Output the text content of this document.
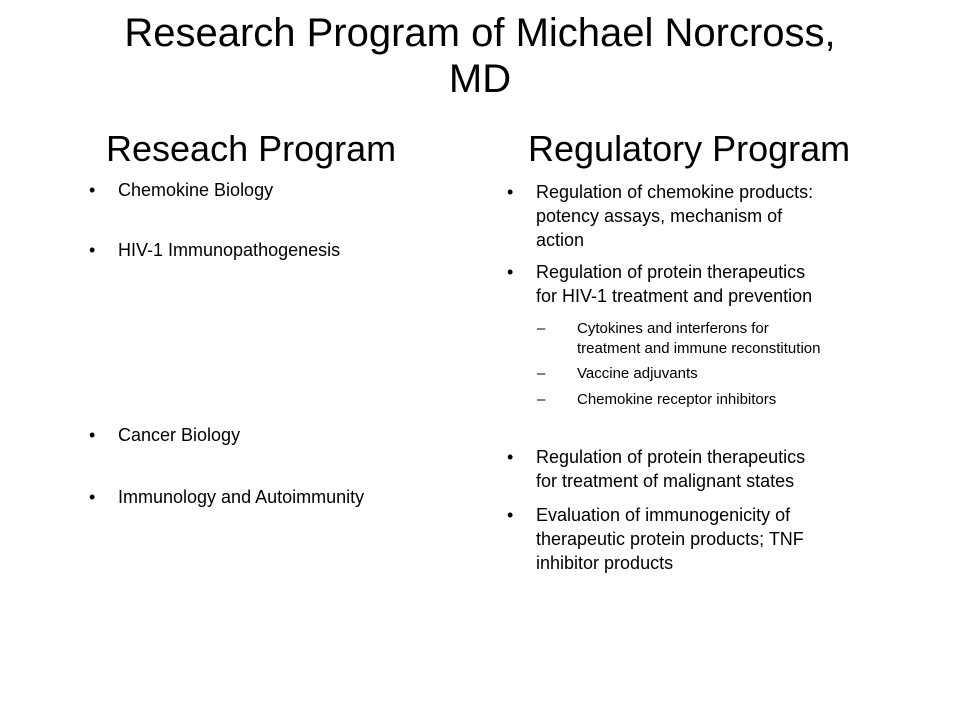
Research Program of Michael Norcross,
MD
Reseach Program
• Chemokine Biology
• HIV-1 Immunopathogenesis
• Cancer Biology
• Immunology and Autoimmunity
Regulatory Program
• Regulation of chemokine products:
potency assays, mechanism of
action
• Regulation of protein therapeutics
for HIV-1 treatment and prevention
– Cytokines and interferons for
treatment and immune reconstitution
– Vaccine adjuvants
– Chemokine receptor inhibitors
• Regulation of protein therapeutics
for treatment of malignant states
• Evaluation of immunogenicity of
therapeutic protein products; TNF
inhibitor products
